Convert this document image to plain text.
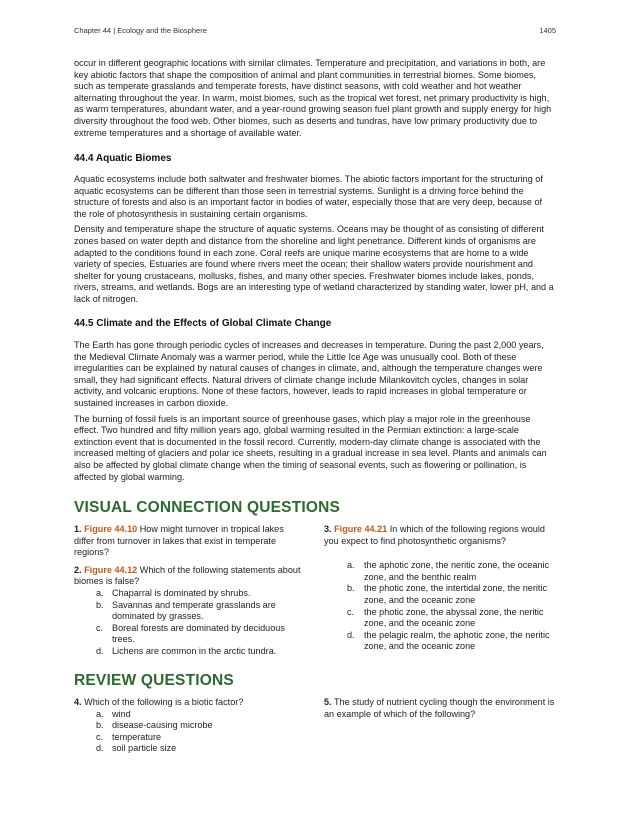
Chapter 44 | Ecology and the Biosphere	1405

occur in different geographic locations with similar climates. Temperature and precipitation, and variations in both, are key abiotic factors that shape the composition of animal and plant communities in terrestrial biomes. Some biomes, such as temperate grasslands and temperate forests, have distinct seasons, with cold weather and hot weather alternating throughout the year. In warm, moist biomes, such as the tropical wet forest, net primary productivity is high, as warm temperatures, abundant water, and a year-round growing season fuel plant growth and supply energy for high diversity throughout the food web. Other biomes, such as deserts and tundras, have low primary productivity due to extreme temperatures and a shortage of available water.

44.4 Aquatic Biomes

Aquatic ecosystems include both saltwater and freshwater biomes. The abiotic factors important for the structuring of aquatic ecosystems can be different than those seen in terrestrial systems. Sunlight is a driving force behind the structure of forests and also is an important factor in bodies of water, especially those that are very deep, because of the role of photosynthesis in sustaining certain organisms.

Density and temperature shape the structure of aquatic systems. Oceans may be thought of as consisting of different zones based on water depth and distance from the shoreline and light penetrance. Different kinds of organisms are adapted to the conditions found in each zone. Coral reefs are unique marine ecosystems that are home to a wide variety of species. Estuaries are found where rivers meet the ocean; their shallow waters provide nourishment and shelter for young crustaceans, mollusks, fishes, and many other species. Freshwater biomes include lakes, ponds, rivers, streams, and wetlands. Bogs are an interesting type of wetland characterized by standing water, lower pH, and a lack of nitrogen.

44.5 Climate and the Effects of Global Climate Change

The Earth has gone through periodic cycles of increases and decreases in temperature. During the past 2,000 years, the Medieval Climate Anomaly was a warmer period, while the Little Ice Age was unusually cool. Both of these irregularities can be explained by natural causes of changes in climate, and, although the temperature changes were small, they had significant effects. Natural drivers of climate change include Milankovitch cycles, changes in solar activity, and volcanic eruptions. None of these factors, however, leads to rapid increases in global temperature or sustained increases in carbon dioxide.

The burning of fossil fuels is an important source of greenhouse gases, which play a major role in the greenhouse effect. Two hundred and fifty million years ago, global warming resulted in the Permian extinction: a large-scale extinction event that is documented in the fossil record. Currently, modern-day climate change is associated with the increased melting of glaciers and polar ice sheets, resulting in a gradual increase in sea level. Plants and animals can also be affected by global climate change when the timing of seasonal events, such as flowering or pollination, is affected by global warming.

VISUAL CONNECTION QUESTIONS

1. Figure 44.10 How might turnover in tropical lakes differ from turnover in lakes that exist in temperate regions?

2. Figure 44.12 Which of the following statements about biomes is false?

a. Chaparral is dominated by shrubs.
b. Savannas and temperate grasslands are dominated by grasses.
c. Boreal forests are dominated by deciduous trees.
d. Lichens are common in the arctic tundra.

3. Figure 44.21 In which of the following regions would you expect to find photosynthetic organisms?

a. the aphotic zone, the neritic zone, the oceanic zone, and the benthic realm
b. the photic zone, the intertidal zone, the neritic zone, and the oceanic zone
c. the photic zone, the abyssal zone, the neritic zone, and the oceanic zone
d. the pelagic realm, the aphotic zone, the neritic zone, and the oceanic zone
REVIEW QUESTIONS

4. Which of the following is a biotic factor?

a. wind
b. disease-causing microbe
c. temperature
d. soil particle size

5. The study of nutrient cycling though the environment is an example of which of the following?
